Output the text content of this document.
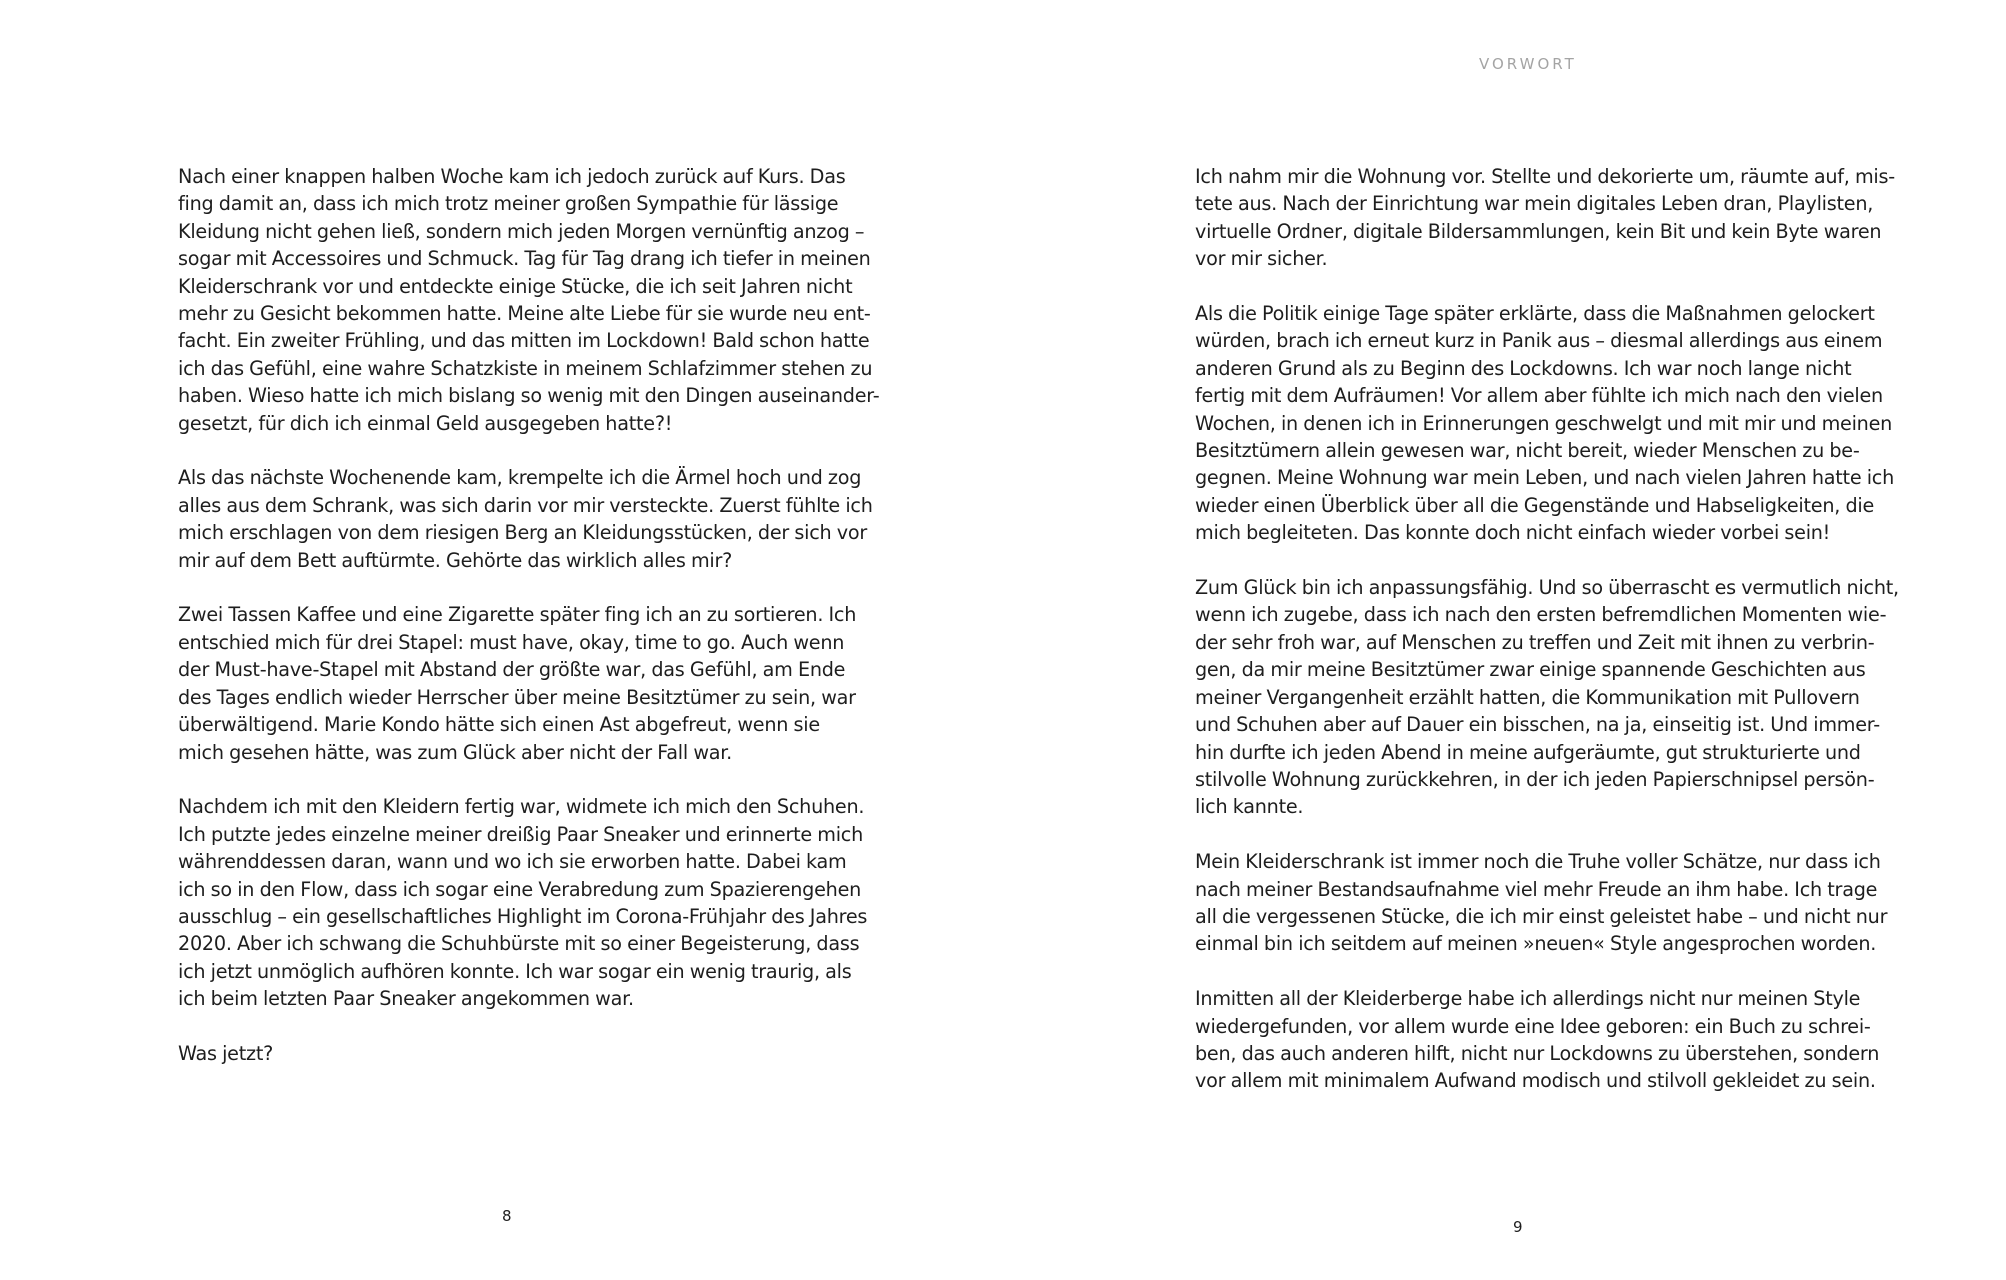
Nach einer knappen halben Woche kam ich jedoch zurück auf Kurs. Das
fing damit an, dass ich mich trotz meiner großen Sympathie für lässige
Kleidung nicht gehen ließ, sondern mich jeden Morgen vernünftig anzog –
sogar mit Accessoires und Schmuck. Tag für Tag drang ich tiefer in meinen
Kleiderschrank vor und entdeckte einige Stücke, die ich seit Jahren nicht
mehr zu Gesicht bekommen hatte. Meine alte Liebe für sie wurde neu ent-
facht. Ein zweiter Frühling, und das mitten im Lockdown! Bald schon hatte
ich das Gefühl, eine wahre Schatzkiste in meinem Schlafzimmer stehen zu
haben. Wieso hatte ich mich bislang so wenig mit den Dingen auseinander-
gesetzt, für dich ich einmal Geld ausgegeben hatte?!
Als das nächste Wochenende kam, krempelte ich die Ärmel hoch und zog
alles aus dem Schrank, was sich darin vor mir versteckte. Zuerst fühlte ich
mich erschlagen von dem riesigen Berg an Kleidungsstücken, der sich vor
mir auf dem Bett auftürmte. Gehörte das wirklich alles mir?
Zwei Tassen Kaffee und eine Zigarette später fing ich an zu sortieren. Ich
entschied mich für drei Stapel: must have, okay, time to go. Auch wenn
der Must-have-Stapel mit Abstand der größte war, das Gefühl, am Ende
des Tages endlich wieder Herrscher über meine Besitztümer zu sein, war
überwältigend. Marie Kondo hätte sich einen Ast abgefreut, wenn sie
mich gesehen hätte, was zum Glück aber nicht der Fall war.
Nachdem ich mit den Kleidern fertig war, widmete ich mich den Schuhen.
Ich putzte jedes einzelne meiner dreißig Paar Sneaker und erinnerte mich
währenddessen daran, wann und wo ich sie erworben hatte. Dabei kam
ich so in den Flow, dass ich sogar eine Verabredung zum Spazierengehen
ausschlug – ein gesellschaftliches Highlight im Corona-Frühjahr des Jahres
2020. Aber ich schwang die Schuhbürste mit so einer Begeisterung, dass
ich jetzt unmöglich aufhören konnte. Ich war sogar ein wenig traurig, als
ich beim letzten Paar Sneaker angekommen war.
Was jetzt?
8
VORWORT
Ich nahm mir die Wohnung vor. Stellte und dekorierte um, räumte auf, mis-
tete aus. Nach der Einrichtung war mein digitales Leben dran, Playlisten,
virtuelle Ordner, digitale Bildersammlungen, kein Bit und kein Byte waren
vor mir sicher.
Als die Politik einige Tage später erklärte, dass die Maßnahmen gelockert
würden, brach ich erneut kurz in Panik aus – diesmal allerdings aus einem
anderen Grund als zu Beginn des Lockdowns. Ich war noch lange nicht
fertig mit dem Aufräumen! Vor allem aber fühlte ich mich nach den vielen
Wochen, in denen ich in Erinnerungen geschwelgt und mit mir und meinen
Besitztümern allein gewesen war, nicht bereit, wieder Menschen zu be-
gegnen. Meine Wohnung war mein Leben, und nach vielen Jahren hatte ich
wieder einen Überblick über all die Gegenstände und Habseligkeiten, die
mich begleiteten. Das konnte doch nicht einfach wieder vorbei sein!
Zum Glück bin ich anpassungsfähig. Und so überrascht es vermutlich nicht,
wenn ich zugebe, dass ich nach den ersten befremdlichen Momenten wie-
der sehr froh war, auf Menschen zu treffen und Zeit mit ihnen zu verbrin-
gen, da mir meine Besitztümer zwar einige spannende Geschichten aus
meiner Vergangenheit erzählt hatten, die Kommunikation mit Pullovern
und Schuhen aber auf Dauer ein bisschen, na ja, einseitig ist. Und immer-
hin durfte ich jeden Abend in meine aufgeräumte, gut strukturierte und
stilvolle Wohnung zurückkehren, in der ich jeden Papierschnipsel persön-
lich kannte.
Mein Kleiderschrank ist immer noch die Truhe voller Schätze, nur dass ich
nach meiner Bestandsaufnahme viel mehr Freude an ihm habe. Ich trage
all die vergessenen Stücke, die ich mir einst geleistet habe – und nicht nur
einmal bin ich seitdem auf meinen »neuen« Style angesprochen worden.
Inmitten all der Kleiderberge habe ich allerdings nicht nur meinen Style
wiedergefunden, vor allem wurde eine Idee geboren: ein Buch zu schrei-
ben, das auch anderen hilft, nicht nur Lockdowns zu überstehen, sondern
vor allem mit minimalem Aufwand modisch und stilvoll gekleidet zu sein.
9
